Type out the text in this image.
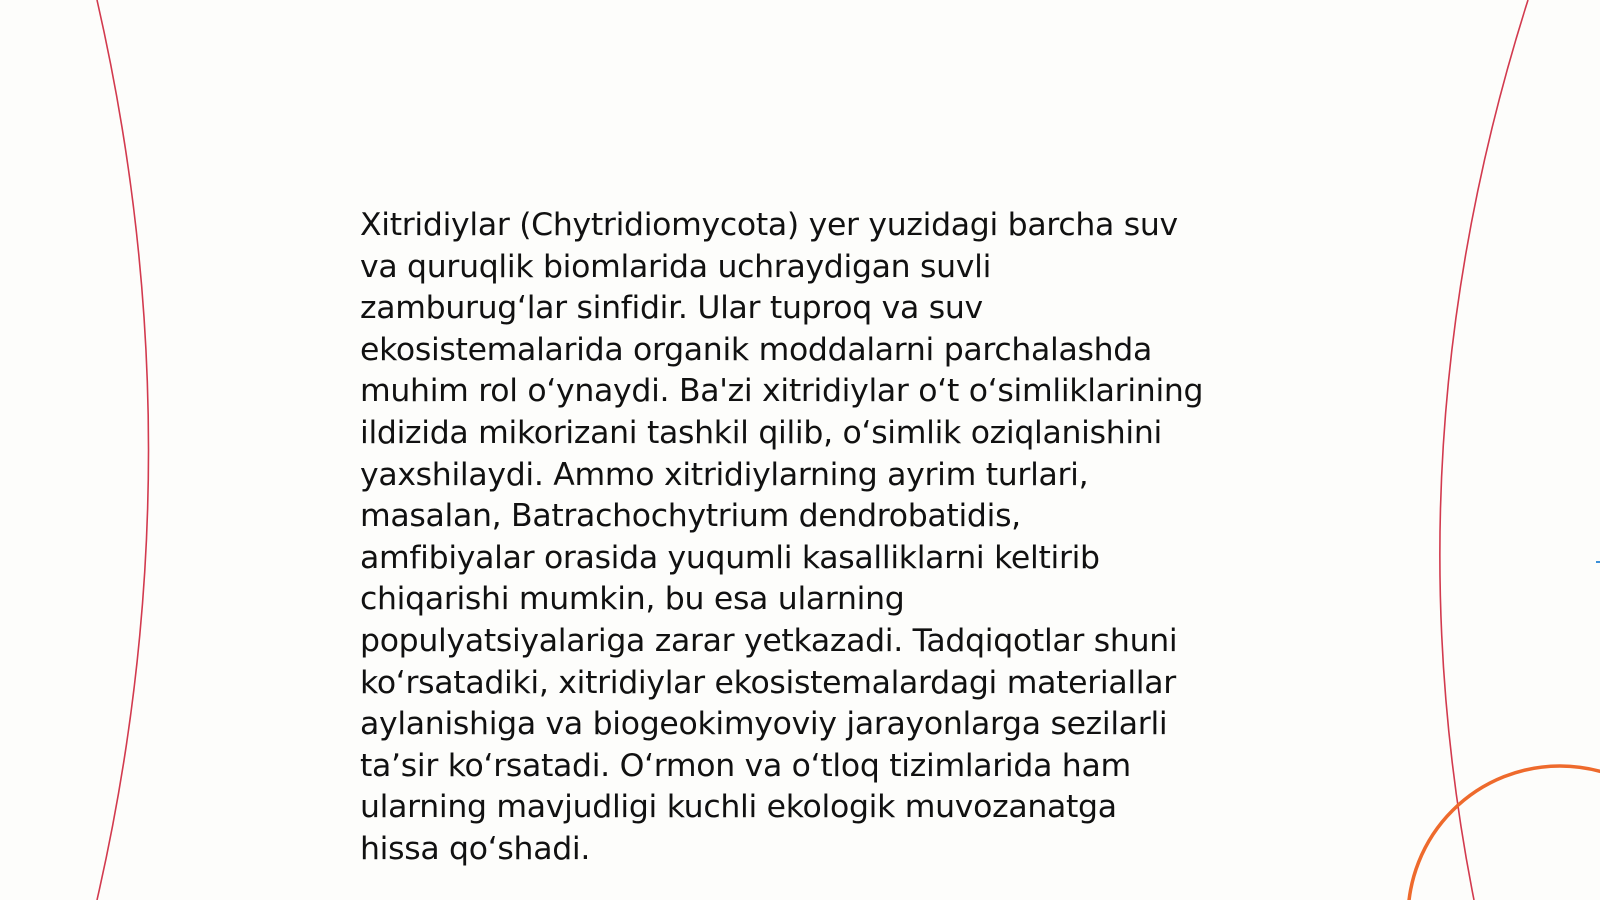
Xitridiylar (Chytridiomycota) yer yuzidagi barcha suv
va quruqlik biomlarida uchraydigan suvli
zamburug‘lar sinfidir. Ular tuproq va suv
ekosistemalarida organik moddalarni parchalashda
muhim rol o‘ynaydi. Ba'zi xitridiylar o‘t o‘simliklarining
ildizida mikorizani tashkil qilib, o‘simlik oziqlanishini
yaxshilaydi. Ammo xitridiylarning ayrim turlari,
masalan, Batrachochytrium dendrobatidis,
amfibiyalar orasida yuqumli kasalliklarni keltirib
chiqarishi mumkin, bu esa ularning
populyatsiyalariga zarar yetkazadi. Tadqiqotlar shuni
ko‘rsatadiki, xitridiylar ekosistemalardagi materiallar
aylanishiga va biogeokimyoviy jarayonlarga sezilarli
ta’sir ko‘rsatadi. O‘rmon va o‘tloq tizimlarida ham
ularning mavjudligi kuchli ekologik muvozanatga
hissa qo‘shadi.
